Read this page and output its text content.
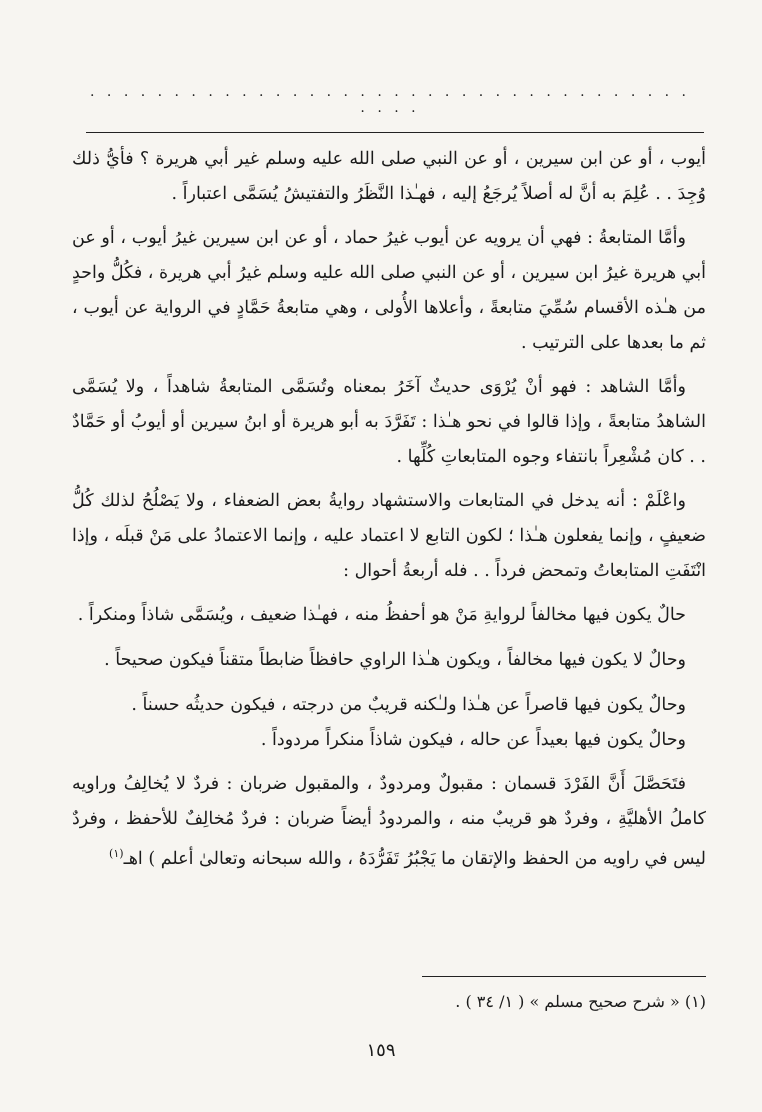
. . . . . . . . . . . . . . . . . . . . . . . . . . . . . . . . . . . . . . . .

أيوب ، أو عن ابن سيرين ، أو عن النبي صلى الله عليه وسلم غير أبي هريرة ؟ فأيُّ ذلك وُجِدَ . . عُلِمَ به أنَّ له أصلاً يُرجَعُ إليه ، فهـٰذا النَّظَرُ والتفتيشُ يُسَمَّى اعتباراً .

وأمَّا المتابعةُ : فهي أن يرويه عن أيوب غيرُ حماد ، أو عن ابن سيرين غيرُ أيوب ، أو عن أبي هريرة غيرُ ابن سيرين ، أو عن النبي صلى الله عليه وسلم غيرُ أبي هريرة ، فكُلُّ واحدٍ من هـٰذه الأقسام سُمِّيَ متابعةً ، وأعلاها الأُولى ، وهي متابعةُ حَمَّادٍ في الرواية عن أيوب ، ثم ما بعدها على الترتيب .

وأمَّا الشاهد : فهو أنْ يُرْوَى حديثٌ آخَرُ بمعناه وتُسَمَّى المتابعةُ شاهداً ، ولا يُسَمَّى الشاهدُ متابعةً ، وإذا قالوا في نحو هـٰذا : تَفَرَّدَ به أبو هريرة أو ابنُ سيرين أو أيوبُ أو حَمَّادٌ . . كان مُشْعِراً بانتفاء وجوه المتابعاتِ كُلِّها .

واعْلَمْ : أنه يدخل في المتابعات والاستشهاد روايةُ بعض الضعفاء ، ولا يَصْلُحُ لذلك كُلُّ ضعيفٍ ، وإنما يفعلون هـٰذا ؛ لكون التابع لا اعتماد عليه ، وإنما الاعتمادُ على مَنْ قبلَه ، وإذا انْتَفَتِ المتابعاتُ وتمحض فرداً . . فله أربعةُ أحوال :

حالٌ يكون فيها مخالفاً لروايةِ مَنْ هو أحفظُ منه ، فهـٰذا ضعيف ، ويُسَمَّى شاذاً ومنكراً .

وحالٌ لا يكون فيها مخالفاً ، ويكون هـٰذا الراوي حافظاً ضابطاً متقناً فيكون صحيحاً .

وحالٌ يكون فيها قاصراً عن هـٰذا ولـٰكنه قريبٌ من درجته ، فيكون حديثُه حسناً .

وحالٌ يكون فيها بعيداً عن حاله ، فيكون شاذاً منكراً مردوداً .

فتَحَصَّلَ أَنَّ الفَرْدَ قسمان : مقبولٌ ومردودٌ ، والمقبول ضربان : فردٌ لا يُخالِفُ وراويه كاملُ الأهليَّةِ ، وفردٌ هو قريبٌ منه ، والمردودُ أيضاً ضربان : فردٌ مُخالِفٌ للأحفظ ، وفردٌ ليس في راويه من الحفظ والإتقان ما يَجْبُرُ تَفَرُّدَهُ ، والله سبحانه وتعالىٰ أعلم ) اهـ$^{(١)}$

(١) « شرح صحيح مسلم » ( ١/ ٣٤ ) .
١٥٩
